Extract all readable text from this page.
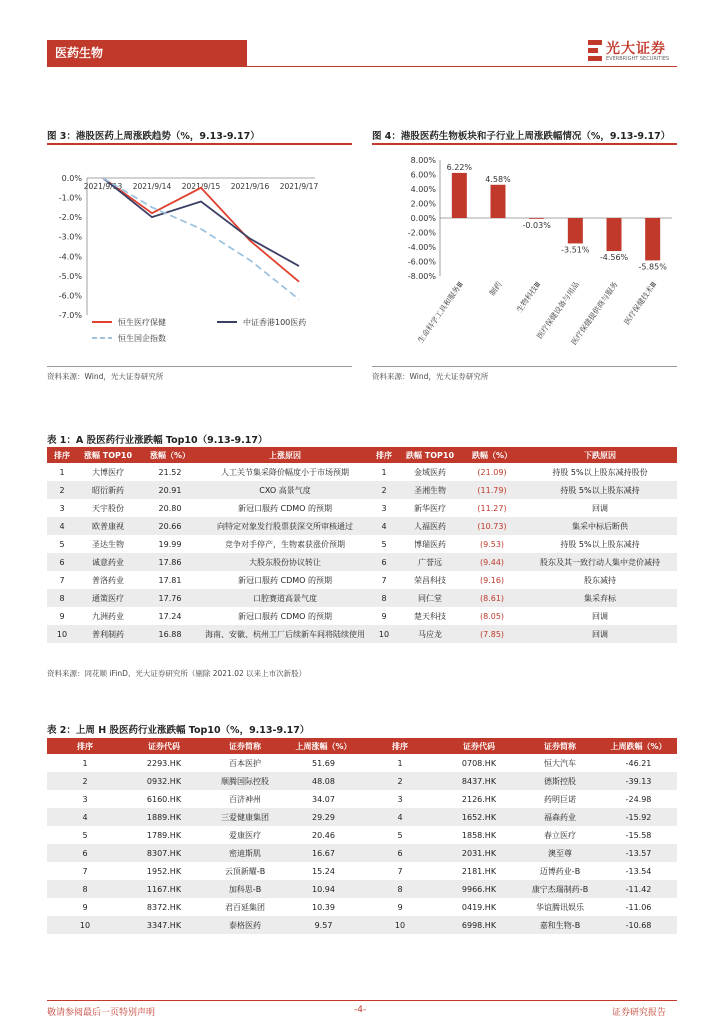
医药生物	光大证券
EVERBRIGHT SECURITIES
图 3：港股医药上周涨跌趋势（%，9.13-9.17）
0.0%
-1.0%
-2.0%
-3.0%
-4.0%
-5.0%
-6.0%
-7.0%
2021/9/13 2021/9/14 2021/9/15 2021/9/16 2021/9/17
恒生医疗保健	中证香港100医药
恒生国企指数
资料来源：Wind，光大证券研究所
图 4：港股医药生物板块和子行业上周涨跌幅情况（%，9.13-9.17）
8.00%
6.00%
4.00%
2.00%
0.00%
-2.00%
-4.00%
-6.00%
-8.00%
6.22%
生命科学工具和服务Ⅲ
4.58%
制药
-0.03%
生物科技Ⅲ
-3.51%
医疗保健设备与用品
-4.56%
医疗保健提供商与服务
-5.85%
医疗保健技术Ⅲ
资料来源：Wind，光大证券研究所
表 1：A 股医药行业涨跌幅 Top10（9.13-9.17）
排序	涨幅 TOP10	涨幅（%）	上涨原因	排序	跌幅 TOP10	跌幅（%）	下跌原因
1	大博医疗	21.52	人工关节集采降价幅度小于市场预期	1	金域医药	(21.09)	持股 5%以上股东减持股份
2	昭衍新药	20.91	CXO 高景气度	2	圣湘生物	(11.79)	持股 5%以上股东减持
3	天宇股份	20.80	新冠口服药 CDMO 的预期	3	新华医疗	(11.27)	回调
4	欧普康视	20.66	向特定对象发行股票获深交所审核通过	4	人福医药	(10.73)	集采中标后断供
5	圣达生物	19.99	竞争对手停产，生物素获涨价预期	5	博瑞医药	(9.53)	持股 5%以上股东减持
6	诚意药业	17.86	大股东股份协议转让	6	广誉远	(9.44)	股东及其一致行动人集中竞价减持
7	普洛药业	17.81	新冠口服药 CDMO 的预期	7	荣昌科技	(9.16)	股东减持
8	通策医疗	17.76	口腔赛道高景气度	8	同仁堂	(8.61)	集采弃标
9	九洲药业	17.24	新冠口服药 CDMO 的预期	9	楚天科技	(8.05)	回调
10	普利制药	16.88	海南、安徽、杭州工厂后续新车间将陆续使用	10	马应龙	(7.85)	回调
资料来源：同花顺 iFinD、光大证券研究所（剔除 2021.02 以来上市次新股）
表 2：上周 H 股医药行业涨跌幅 Top10（%，9.13-9.17）
排序	证券代码	证券简称	上周涨幅（%）	排序	证券代码	证券简称	上周跌幅（%）
1	2293.HK	百本医护	51.69	1	0708.HK	恒大汽车	-46.21
2	0932.HK	顺腾国际控股	48.08	2	8437.HK	德斯控股	-39.13
3	6160.HK	百济神州	34.07	3	2126.HK	药明巨诺	-24.98
4	1889.HK	三爱健康集团	29.29	4	1652.HK	福森药业	-15.92
5	1789.HK	爱康医疗	20.46	5	1858.HK	春立医疗	-15.58
6	8307.HK	密迪斯肌	16.67	6	2031.HK	澳至尊	-13.57
7	1952.HK	云顶新耀-B	15.24	7	2181.HK	迈博药业-B	-13.54
8	1167.HK	加科思-B	10.94	8	9966.HK	康宁杰瑞制药-B	-11.42
9	8372.HK	君百延集团	10.39	9	0419.HK	华谊腾讯娱乐	-11.06
10	3347.HK	泰格医药	9.57	10	6998.HK	嘉和生物-B	-10.68
敬请参阅最后一页特别声明	-4-	证券研究报告
